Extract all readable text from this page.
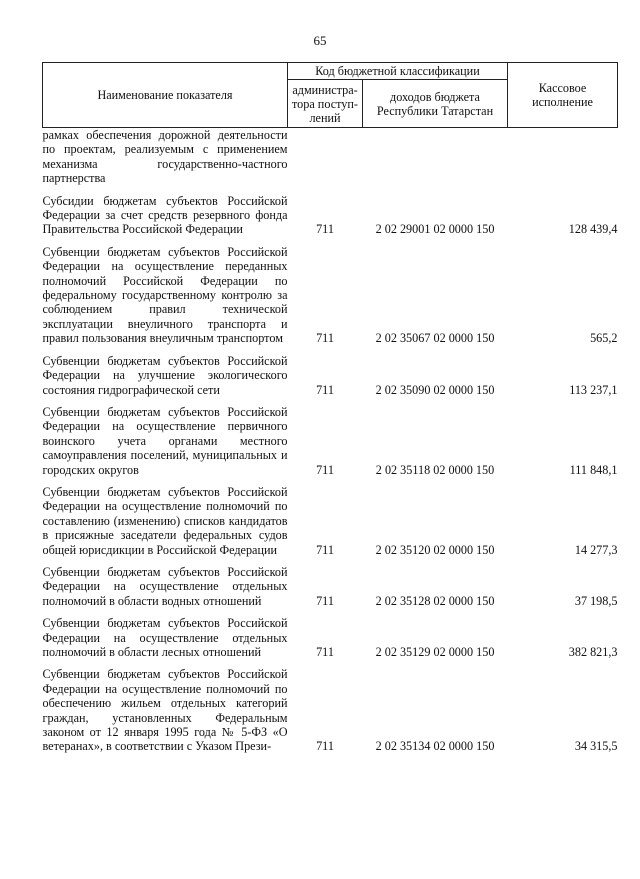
65
Наименование показателя	Код бюджетной классификации		Кассовое исполнение
	администра-тора поступ-лений	доходов бюджета Республики Татарстан	
рамках обеспечения дорожной деятельности по проектам, реализуемым с применением механизма государственно-частного партнерства			
Субсидии бюджетам субъектов Российской Федерации за счет средств резервного фонда Правительства Российской Федерации	711	2 02 29001 02 0000 150	128 439,4
Субвенции бюджетам субъектов Российской Федерации на осуществление переданных полномочий Российской Федерации по федеральному государственному контролю за соблюдением правил технической эксплуатации внеуличного транспорта и правил пользования внеуличным транспортом	711	2 02 35067 02 0000 150	565,2
Субвенции бюджетам субъектов Российской Федерации на улучшение экологического состояния гидрографической сети	711	2 02 35090 02 0000 150	113 237,1
Субвенции бюджетам субъектов Российской Федерации на осуществление первичного воинского учета органами местного самоуправления поселений, муниципальных и городских округов	711	2 02 35118 02 0000 150	111 848,1
Субвенции бюджетам субъектов Российской Федерации на осуществление полномочий по составлению (изменению) списков кандидатов в присяжные заседатели федеральных судов общей юрисдикции в Российской Федерации	711	2 02 35120 02 0000 150	14 277,3
Субвенции бюджетам субъектов Российской Федерации на осуществление отдельных полномочий в области водных отношений	711	2 02 35128 02 0000 150	37 198,5
Субвенции бюджетам субъектов Российской Федерации на осуществление отдельных полномочий в области лесных отношений	711	2 02 35129 02 0000 150	382 821,3
Субвенции бюджетам субъектов Российской Федерации на осуществление полномочий по обеспечению жильем отдельных категорий граждан, установленных Федеральным законом от 12 января 1995 года № 5-ФЗ «О ветеранах», в соответствии с Указом Прези-	711	2 02 35134 02 0000 150	34 315,5
